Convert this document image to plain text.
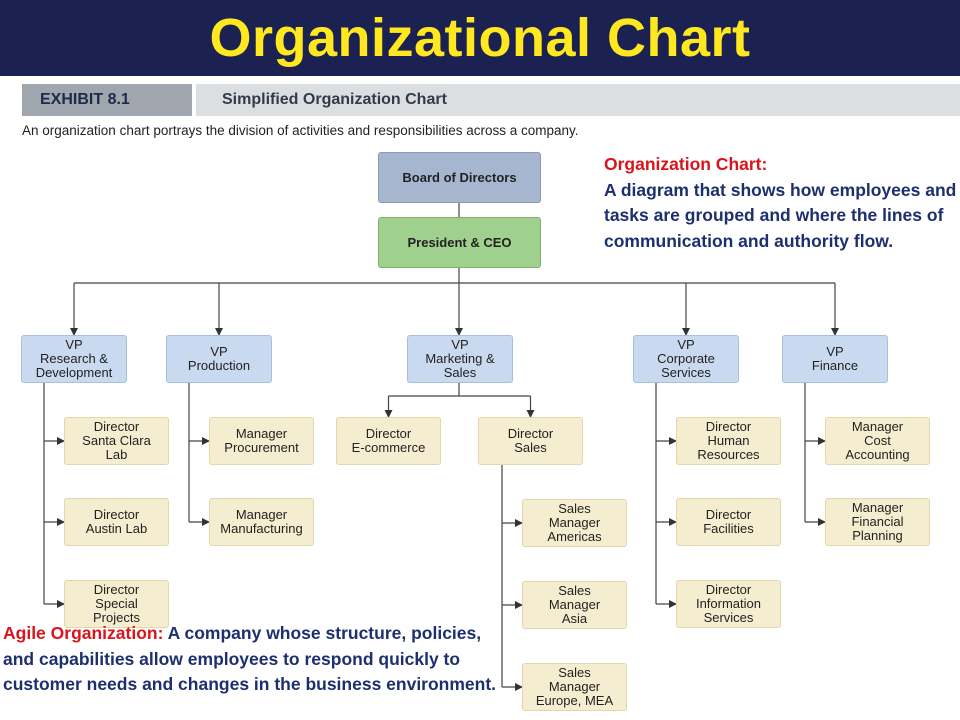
Organizational Chart
EXHIBIT 8.1	Simplified Organization Chart
An organization chart portrays the division of activities and responsibilities across a company.
Board of Directors
President & CEO
VP
Research &
Development
VP
Production
VP
Marketing &
Sales
VP
Corporate
Services
VP
Finance
Director
Santa Clara
Lab
Director
Austin Lab
Director
Special
Projects
Manager
Procurement
Manager
Manufacturing
Director
Human
Resources
Director
Facilities
Director
Information
Services
Manager
Cost
Accounting
Manager
Financial
Planning
Director
E-commerce
Director
Sales
Sales
Manager
Americas
Sales
Manager
Asia
Sales
Manager
Europe, MEA
Organization Chart:
A diagram that shows how employees and tasks are grouped and where the lines of communication and authority flow.
Agile Organization: A company whose structure, policies, and capabilities allow employees to respond quickly to customer needs and changes in the business environment.
